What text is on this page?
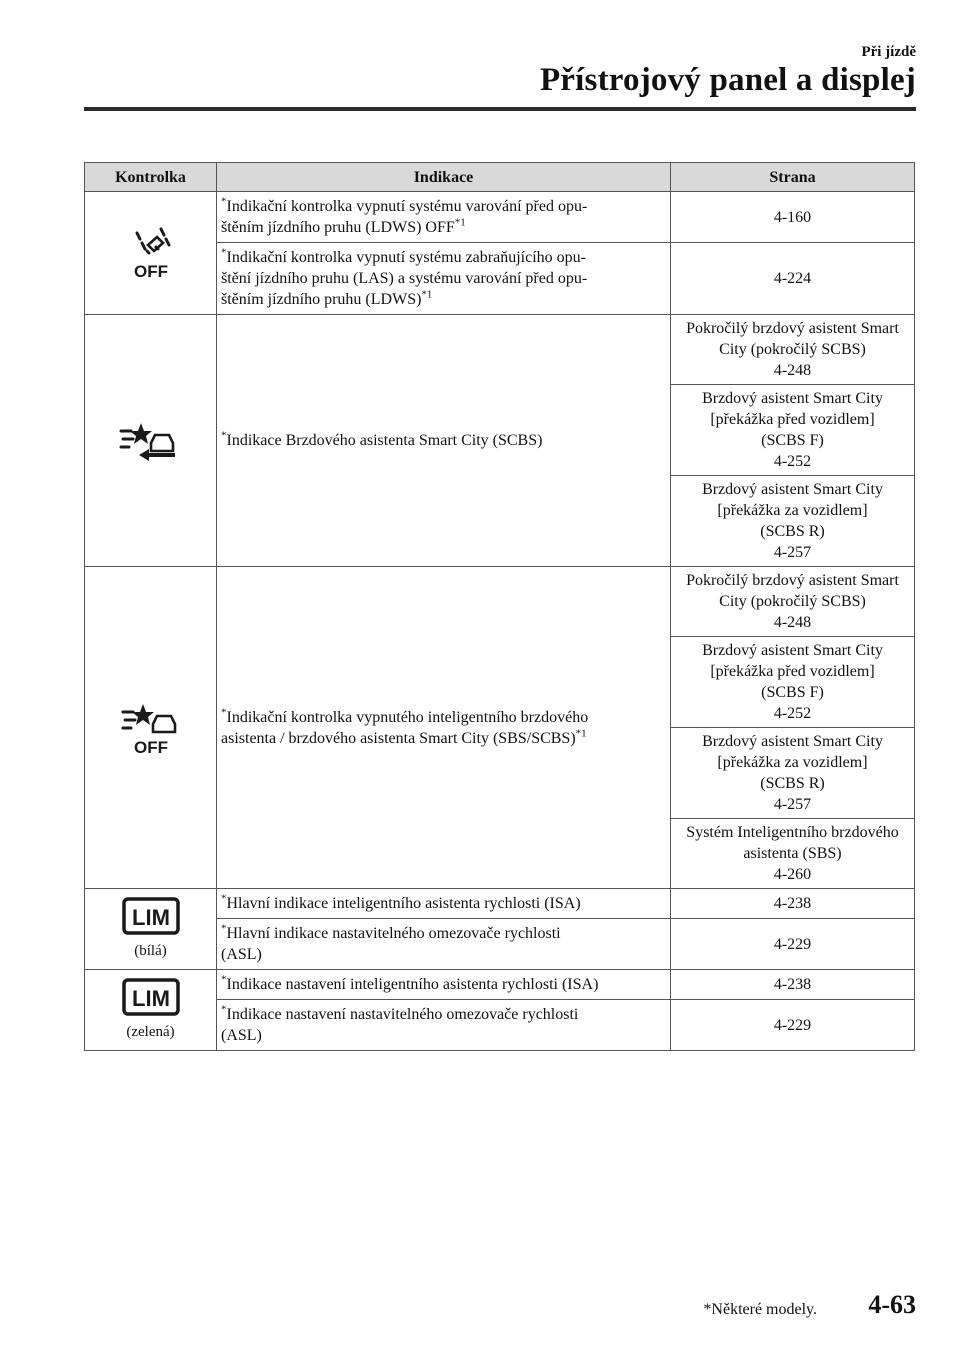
Při jízdě
Přístrojový panel a displej
Kontrolka	Indikace	Strana

OFF	*Indikační kontrolka vypnutí systému varování před opu-
štěním jízdního pruhu (LDWS) OFF$^{*1}$	4-160
	*Indikační kontrolka vypnutí systému zabraňujícího opu-
štění jízdního pruhu (LAS) a systému varování před opu-
štěním jízdního pruhu (LDWS)$^{*1}$	4-224

	*Indikace Brzdového asistenta Smart City (SCBS)	Pokročilý brzdový asistent Smart
City (pokročilý SCBS)
4-248
		Brzdový asistent Smart City
[překážka před vozidlem]
(SCBS F)
4-252
		Brzdový asistent Smart City
[překážka za vozidlem]
(SCBS R)
4-257

OFF	*Indikační kontrolka vypnutého inteligentního brzdového
asistenta / brzdového asistenta Smart City (SBS/SCBS)$^{*1}$	Pokročilý brzdový asistent Smart
City (pokročilý SCBS)
4-248
		Brzdový asistent Smart City
[překážka před vozidlem]
(SCBS F)
4-252
		Brzdový asistent Smart City
[překážka za vozidlem]
(SCBS R)
4-257
		Systém Inteligentního brzdového
asistenta (SBS)
4-260

LIM
(bílá)	*Hlavní indikace inteligentního asistenta rychlosti (ISA)	4-238
	*Hlavní indikace nastavitelného omezovače rychlosti
(ASL)	4-229

LIM
(zelená)	*Indikace nastavení inteligentního asistenta rychlosti (ISA)	4-238
	*Indikace nastavení nastavitelného omezovače rychlosti
(ASL)	4-229
*Některé modely. 4-63
